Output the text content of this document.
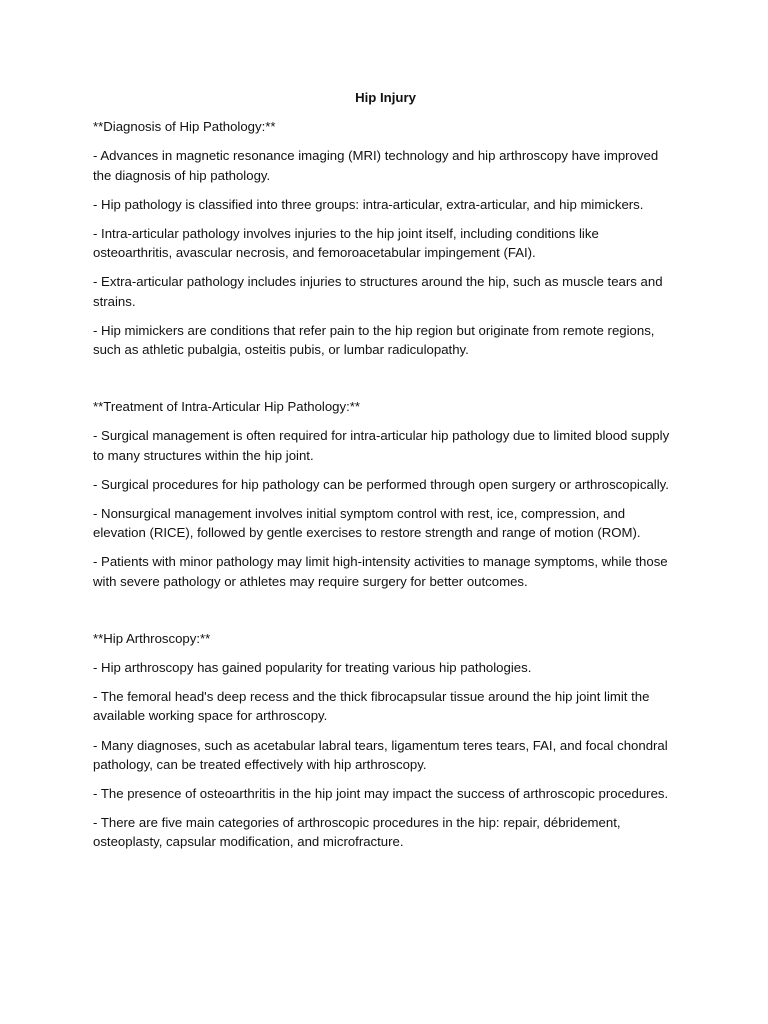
Hip Injury
**Diagnosis of Hip Pathology:**
- Advances in magnetic resonance imaging (MRI) technology and hip arthroscopy have improved the diagnosis of hip pathology.
- Hip pathology is classified into three groups: intra-articular, extra-articular, and hip mimickers.
- Intra-articular pathology involves injuries to the hip joint itself, including conditions like osteoarthritis, avascular necrosis, and femoroacetabular impingement (FAI).
- Extra-articular pathology includes injuries to structures around the hip, such as muscle tears and strains.
- Hip mimickers are conditions that refer pain to the hip region but originate from remote regions, such as athletic pubalgia, osteitis pubis, or lumbar radiculopathy.
**Treatment of Intra-Articular Hip Pathology:**
- Surgical management is often required for intra-articular hip pathology due to limited blood supply to many structures within the hip joint.
- Surgical procedures for hip pathology can be performed through open surgery or arthroscopically.
- Nonsurgical management involves initial symptom control with rest, ice, compression, and elevation (RICE), followed by gentle exercises to restore strength and range of motion (ROM).
- Patients with minor pathology may limit high-intensity activities to manage symptoms, while those with severe pathology or athletes may require surgery for better outcomes.
**Hip Arthroscopy:**
- Hip arthroscopy has gained popularity for treating various hip pathologies.
- The femoral head's deep recess and the thick fibrocapsular tissue around the hip joint limit the available working space for arthroscopy.
- Many diagnoses, such as acetabular labral tears, ligamentum teres tears, FAI, and focal chondral pathology, can be treated effectively with hip arthroscopy.
- The presence of osteoarthritis in the hip joint may impact the success of arthroscopic procedures.
- There are five main categories of arthroscopic procedures in the hip: repair, débridement, osteoplasty, capsular modification, and microfracture.
